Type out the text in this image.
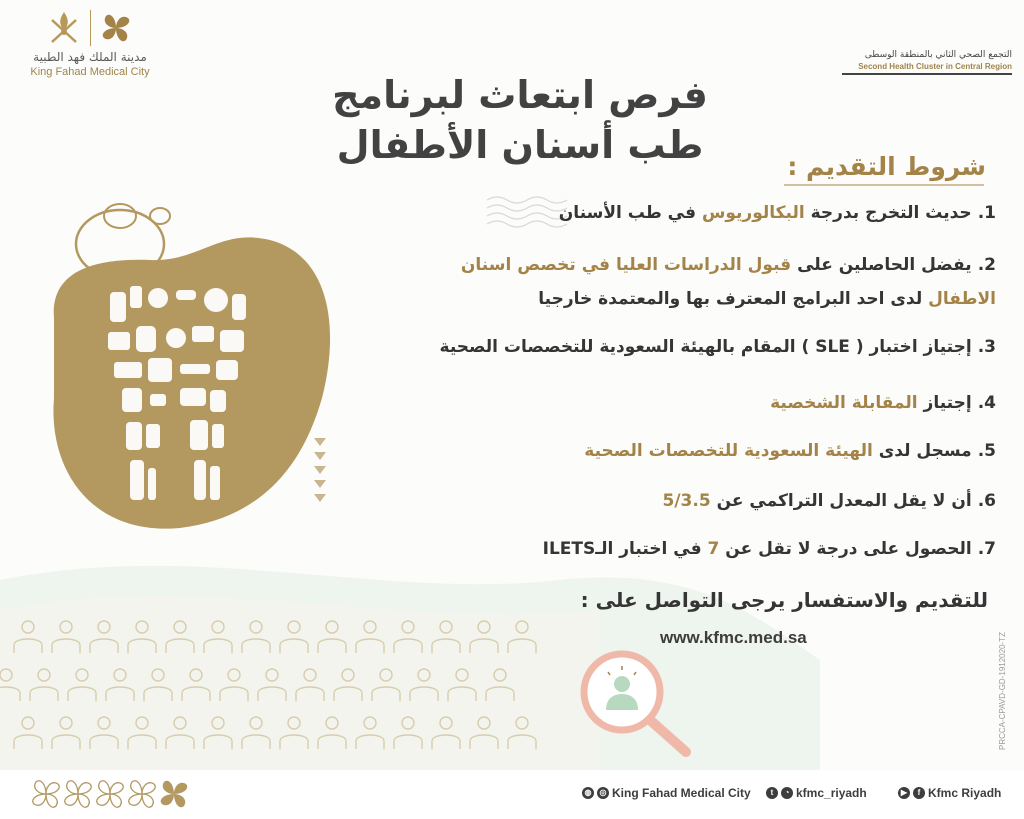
مدينة الملك فهد الطبية
King Fahad Medical City
التجمع الصحي الثاني بالمنطقة الوسطى
Second Health Cluster in Central Region
فرص ابتعاث لبرنامج
طب أسنان الأطفال	شروط التقديم :
1.حديث التخرج بدرجة البكالوريوس في طب الأسنان
2.يفضل الحاصلين على قبول الدراسات العليا في تخصص اسنان
الاطفال لدى احد البرامج المعترف بها والمعتمدة خارجيا
3.إجتياز اختبار ( SLE ) المقام بالهيئة السعودية للتخصصات الصحية
4.إجتياز المقابلة الشخصية
5.مسجل لدى الهيئة السعودية للتخصصات الصحية
6.أن لا يقل المعدل التراكمي عن 5/3.5
7.الحصول على درجة لا تقل عن 7 في اختبار الـILETS
للتقديم والاستفسار يرجى التواصل على :
www.kfmc.med.sa	PRCCA-CPAVD-GD-1912020-TZ
◍	◎ King Fahad Medical City	t	◔ kfmc_riyadh	▶	f Kfmc Riyadh
